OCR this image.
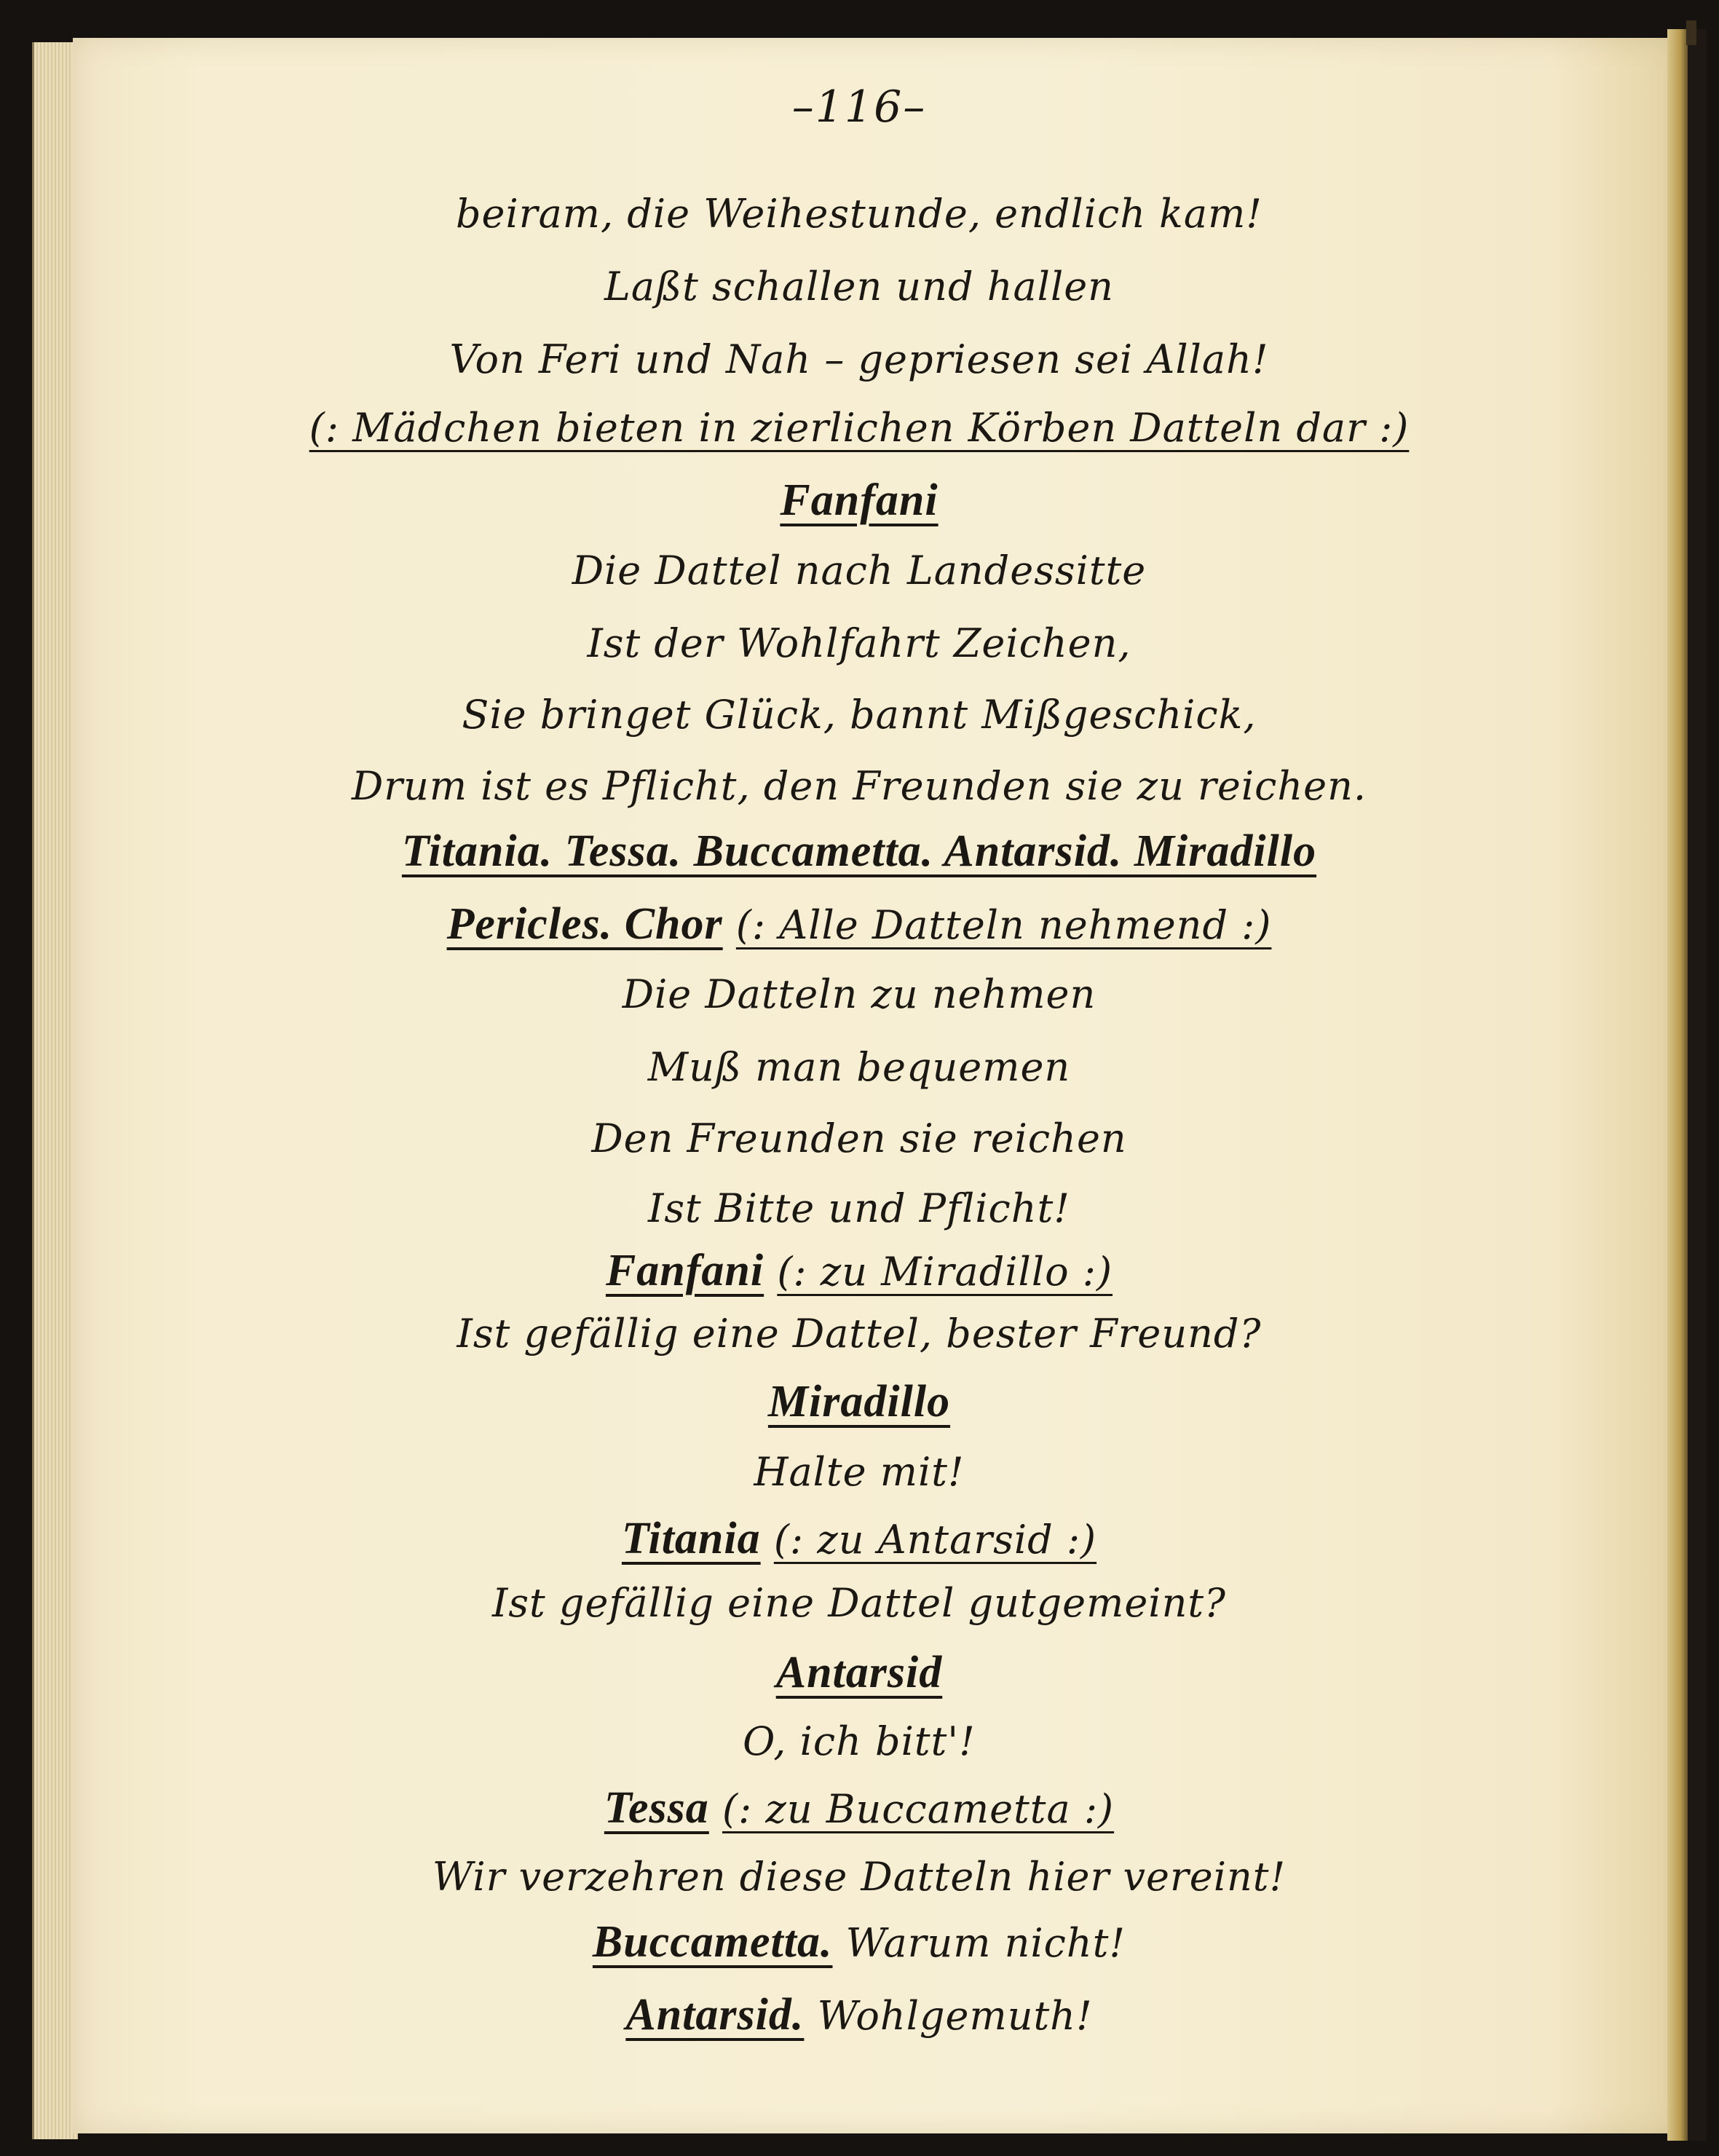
–116–
beiram, die Weihestunde, endlich kam!
Laßt schallen und hallen
Von Feri und Nah – gepriesen sei Allah!
(: Mädchen bieten in zierlichen Körben Datteln dar :)
Fanfani
Die Dattel nach Landessitte
Ist der Wohlfahrt Zeichen,
Sie bringet Glück, bannt Mißgeschick,
Drum ist es Pflicht, den Freunden sie zu reichen.
Titania. Tessa. Buccametta. Antarsid. Miradillo
Pericles. Chor (: Alle Datteln nehmend :)
Die Datteln zu nehmen
Muß man bequemen
Den Freunden sie reichen
Ist Bitte und Pflicht!
Fanfani (: zu Miradillo :)
Ist gefällig eine Dattel, bester Freund?
Miradillo
Halte mit!
Titania (: zu Antarsid :)
Ist gefällig eine Dattel gutgemeint?
Antarsid
O, ich bitt'!
Tessa (: zu Buccametta :)
Wir verzehren diese Datteln hier vereint!
Buccametta. Warum nicht!
Antarsid. Wohlgemuth!
